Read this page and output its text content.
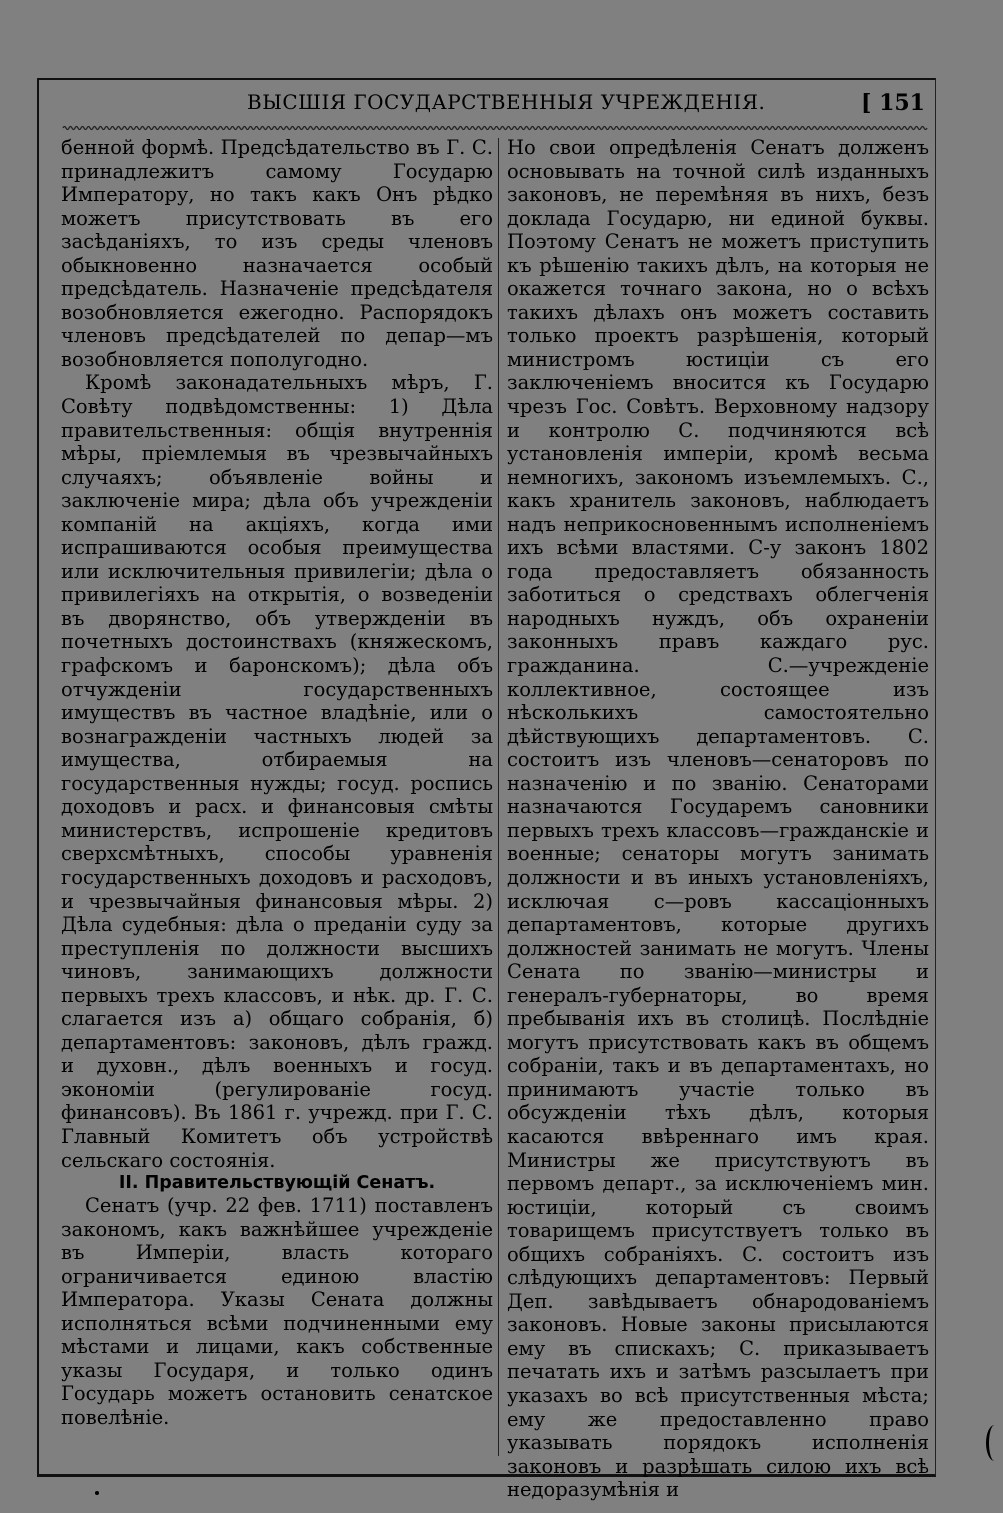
ВЫСШІЯ ГОСУДАРСТВЕННЫЯ УЧРЕЖДЕНІЯ.	[ 151

бенной формѣ. Предсѣдательство въ Г. С. принадлежитъ самому Государю Императору, но такъ какъ Онъ рѣдко можетъ присутствовать въ его засѣданіяхъ, то изъ среды членовъ обыкновенно назначается особый предсѣдатель. Назначеніе предсѣдателя возобновляется ежегодно. Распорядокъ членовъ предсѣдателей по депар—мъ возобновляется пополугодно.

Кромѣ законадательныхъ мѣръ, Г. Совѣту подвѣдомственны: 1) Дѣла правительственныя: общія внутреннія мѣры, пріемлемыя въ чрезвычайныхъ случаяхъ; объявленіе войны и заключеніе мира; дѣла объ учрежденіи компаній на акціяхъ, когда ими испрашиваются особыя преимущества или исключительныя привилегіи; дѣла о привилегіяхъ на открытія, о возведеніи въ дворянство, объ утвержденіи въ почетныхъ достоинствахъ (княжескомъ, графскомъ и баронскомъ); дѣла объ отчужденіи государственныхъ имуществъ въ частное владѣніе, или о вознагражденіи частныхъ людей за имущества, отбираемыя на государственныя нужды; госуд. роспись доходовъ и расх. и финансовыя смѣты министерствъ, испрошеніе кредитовъ сверхсмѣтныхъ, способы уравненія государственныхъ доходовъ и расходовъ, и чрезвычайныя финансовыя мѣры. 2) Дѣла судебныя: дѣла о преданіи суду за преступленія по должности высшихъ чиновъ, занимающихъ должности первыхъ трехъ классовъ, и нѣк. др. Г. С. слагается изъ а) общаго собранія, б) департаментовъ: законовъ, дѣлъ гражд. и духовн., дѣлъ военныхъ и госуд. экономіи (регулированіе госуд. финансовъ). Въ 1861 г. учрежд. при Г. С. Главный Комитетъ объ устройствѣ сельскаго состоянія.

II. Правительствующій Сенатъ.

Сенатъ (учр. 22 фев. 1711) поставленъ закономъ, какъ важнѣйшее учрежденіе въ Имперіи, власть котораго ограничивается единою властію Императора. Указы Сената должны исполняться всѣми подчиненными ему мѣстами и лицами, какъ собственные указы Государя, и только одинъ Государь можетъ остановить сенатское повелѣніе.

Но свои опредѣленія Сенатъ долженъ основывать на точной силѣ изданныхъ законовъ, не перемѣняя въ нихъ, безъ доклада Государю, ни единой буквы. Поэтому Сенатъ не можетъ приступить къ рѣшенію такихъ дѣлъ, на которыя не окажется точнаго закона, но о всѣхъ такихъ дѣлахъ онъ можетъ составить только проектъ разрѣшенія, который министромъ юстиціи съ его заключеніемъ вносится къ Государю чрезъ Гос. Совѣтъ. Верховному надзору и контролю С. подчиняются всѣ установленія имперіи, кромѣ весьма немногихъ, закономъ изъемлемыхъ. С., какъ хранитель законовъ, наблюдаетъ надъ неприкосновеннымъ исполненіемъ ихъ всѣми властями. С-у законъ 1802 года предоставляетъ обязанность заботиться о средствахъ облегченія народныхъ нуждъ, объ охраненіи законныхъ правъ каждаго рус. гражданина. С.—учрежденіе коллективное, состоящее изъ нѣсколькихъ самостоятельно дѣйствующихъ департаментовъ. С. состоитъ изъ членовъ—сенаторовъ по назначенію и по званію. Сенаторами назначаются Государемъ сановники первыхъ трехъ классовъ—гражданскіе и военные; сенаторы могутъ занимать должности и въ иныхъ установленіяхъ, исключая с—ровъ кассаціонныхъ департаментовъ, которые другихъ должностей занимать не могутъ. Члены Сената по званію—министры и генералъ-губернаторы, во время пребыванія ихъ въ столицѣ. Послѣдніе могутъ присутствовать какъ въ общемъ собраніи, такъ и въ департаментахъ, но принимаютъ участіе только въ обсужденіи тѣхъ дѣлъ, которыя касаются ввѣреннаго имъ края. Министры же присутствуютъ въ первомъ департ., за исключеніемъ мин. юстиціи, который съ своимъ товарищемъ присутствуетъ только въ общихъ собраніяхъ. С. состоитъ изъ слѣдующихъ департаментовъ: Первый Деп. завѣдываетъ обнародованіемъ законовъ. Новые законы присылаются ему въ спискахъ; С. приказываетъ печатать ихъ и затѣмъ разсылаетъ при указахъ во всѣ присутственныя мѣста; ему же предоставленно право указывать порядокъ исполненія законовъ и разрѣшать силою ихъ всѣ недоразумѣнія и
